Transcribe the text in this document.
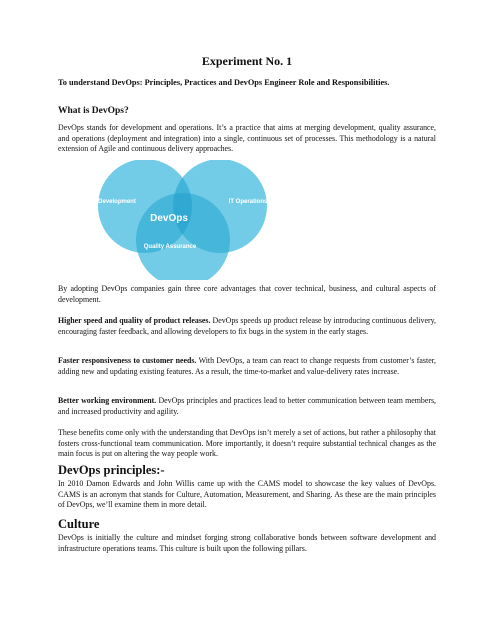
Experiment No. 1
To understand DevOps: Principles, Practices and DevOps Engineer Role and Responsibilities.
What is DevOps?

DevOps stands for development and operations. It’s a practice that aims at merging development, quality assurance, and operations (deployment and integration) into a single, continuous set of processes. This methodology is a natural extension of Agile and continuous delivery approaches.

Development	IT Operations
DevOps
Quality Assurance

By adopting DevOps companies gain three core advantages that cover technical, business, and cultural aspects of development.

Higher speed and quality of product releases. DevOps speeds up product release by introducing continuous delivery, encouraging faster feedback, and allowing developers to fix bugs in the system in the early stages.

Faster responsiveness to customer needs. With DevOps, a team can react to change requests from customer’s faster, adding new and updating existing features. As a result, the time-to-market and value-delivery rates increase.

Better working environment. DevOps principles and practices lead to better communication between team members, and increased productivity and agility.

These benefits come only with the understanding that DevOps isn’t merely a set of actions, but rather a philosophy that fosters cross-functional team communication. More importantly, it doesn’t require substantial technical changes as the main focus is put on altering the way people work.

DevOps principles:-

In 2010 Damon Edwards and John Willis came up with the CAMS model to showcase the key values of DevOps. CAMS is an acronym that stands for Culture, Automation, Measurement, and Sharing. As these are the main principles of DevOps, we’ll examine them in more detail.

Culture

DevOps is initially the culture and mindset forging strong collaborative bonds between software development and infrastructure operations teams. This culture is built upon the following pillars.
